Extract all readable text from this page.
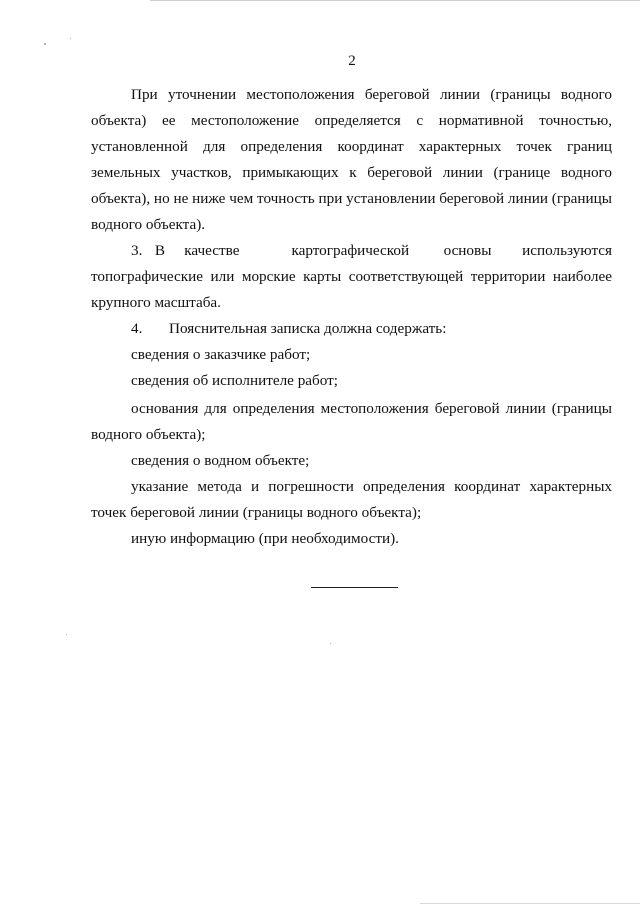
2
При уточнении местоположения береговой линии (границы водного
объекта) ее местоположение определяется с нормативной точностью,
установленной для определения координат характерных точек границ
земельных участков, примыкающих к береговой линии (границе водного
объекта), но не ниже чем точность при установлении береговой линии (границы
водного объекта).
3. В	качестве	картографической	основы	используются
топографические или морские карты соответствующей территории наиболее
крупного масштаба.
4.	Пояснительная записка должна содержать:
сведения о заказчике работ;
сведения об исполнителе работ;
основания для определения местоположения береговой линии (границы
водного объекта);
сведения о водном объекте;
указание метода и погрешности определения координат характерных
точек береговой линии (границы водного объекта);
иную информацию (при необходимости).
